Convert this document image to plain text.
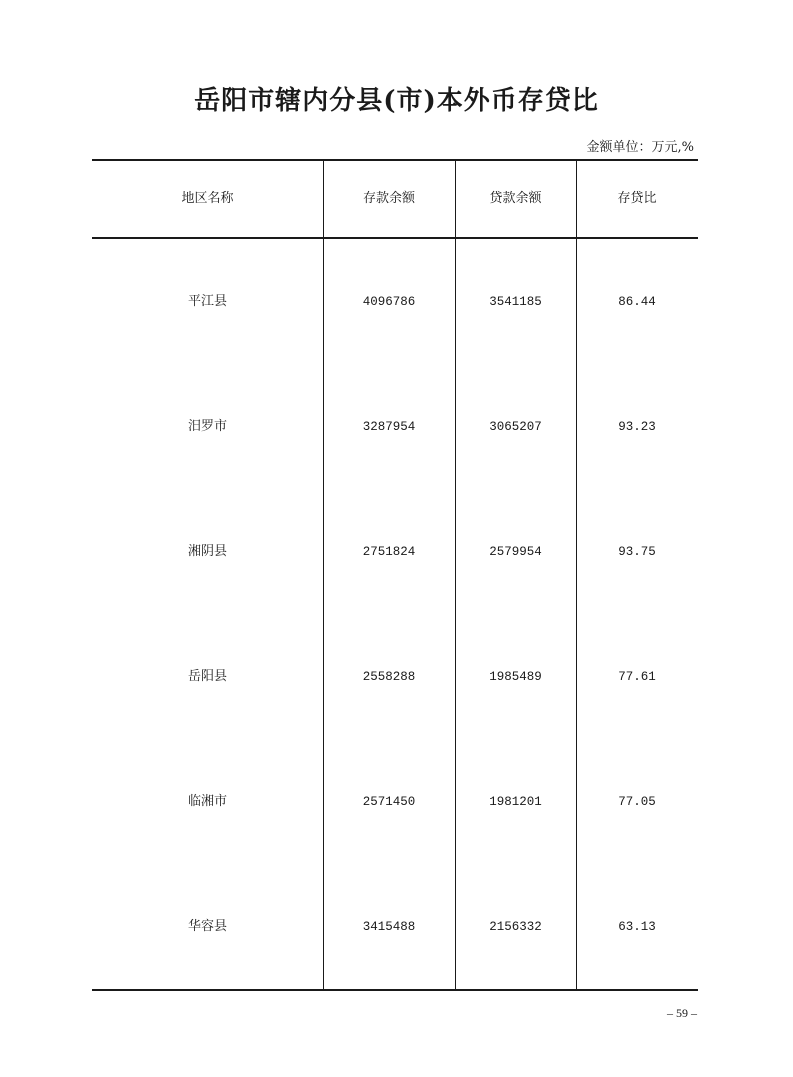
岳阳市辖内分县(市)本外币存贷比
金额单位：万元,%
地区名称	存款余额	贷款余额	存贷比
平江县	4096786	3541185	86.44
汨罗市	3287954	3065207	93.23
湘阴县	2751824	2579954	93.75
岳阳县	2558288	1985489	77.61
临湘市	2571450	1981201	77.05
华容县	3415488	2156332	63.13
– 59 –
